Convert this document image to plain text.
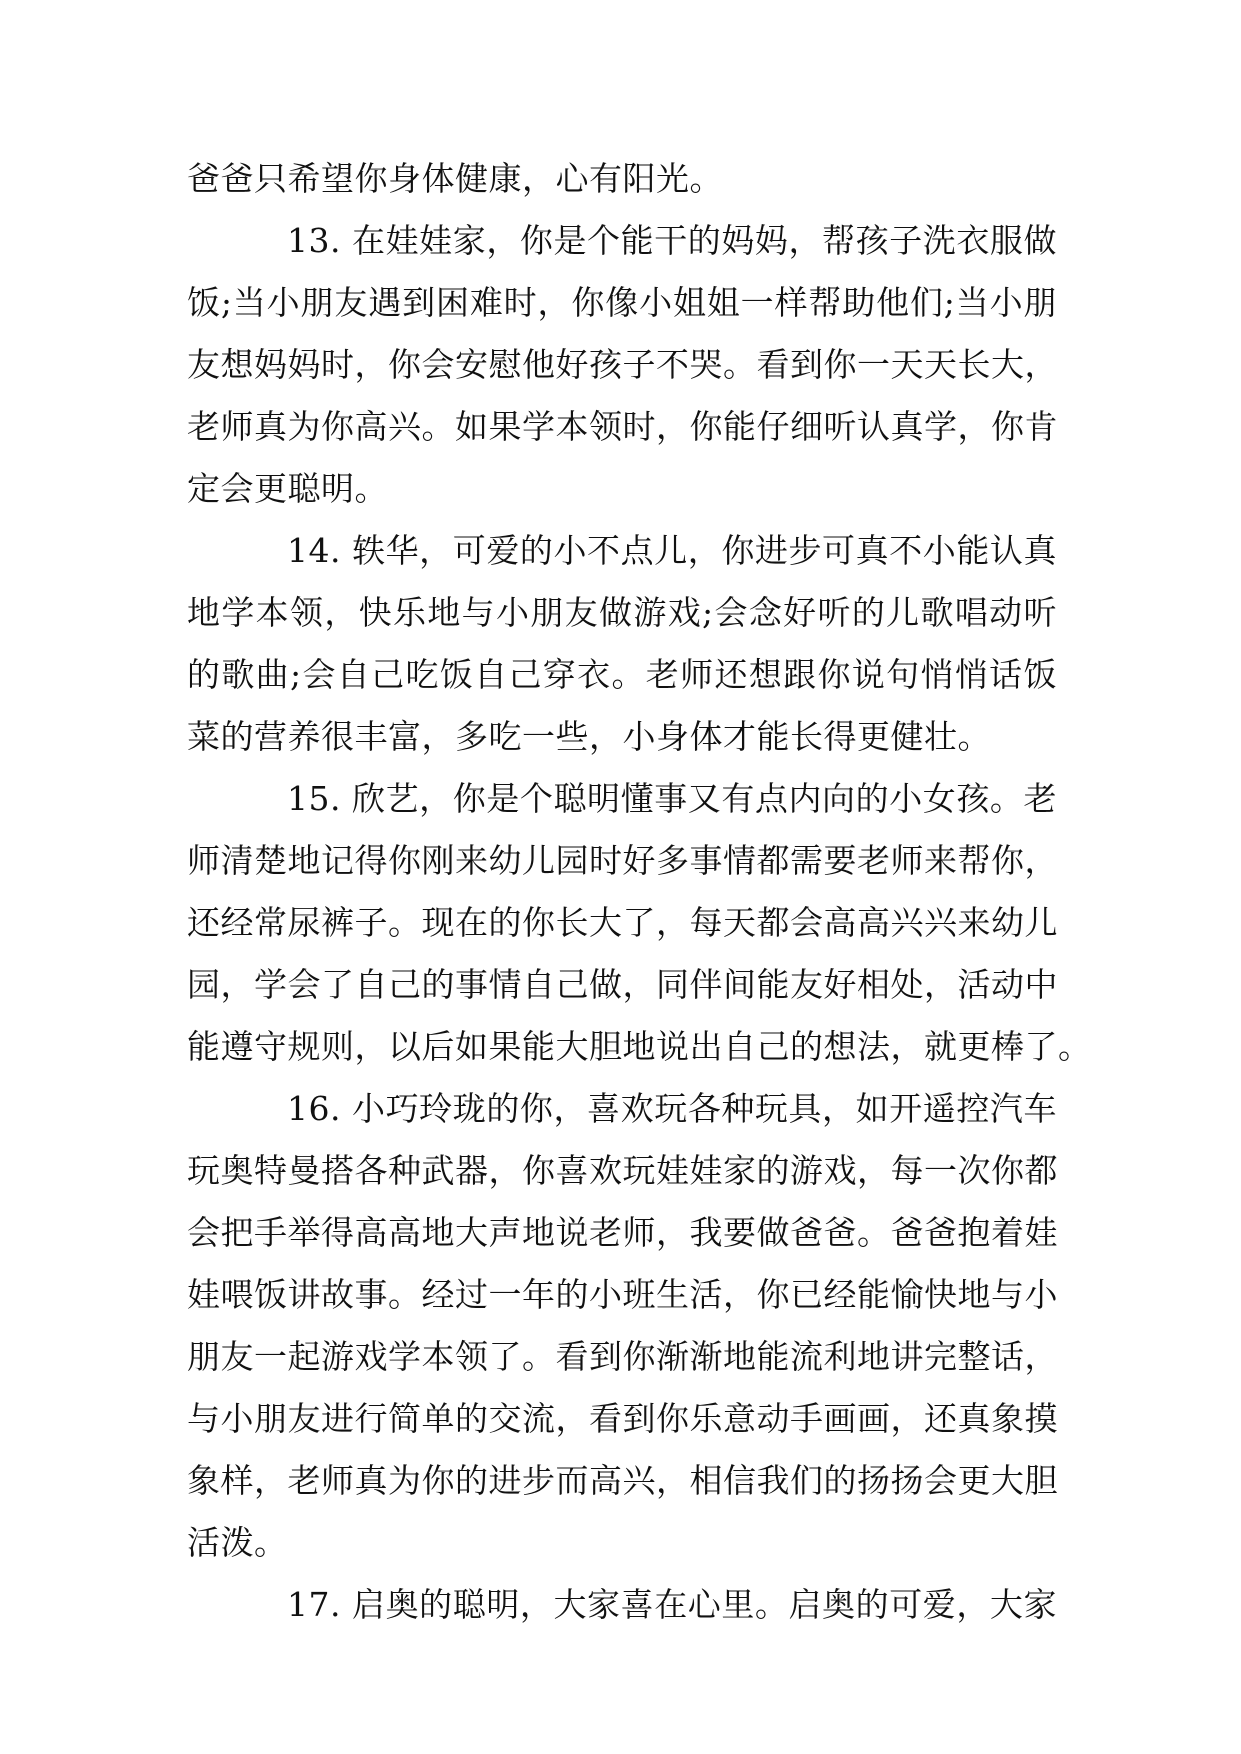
爸爸只希望你身体健康，心有阳光。
13. 在娃娃家，你是个能干的妈妈，帮孩子洗衣服做
饭;当小朋友遇到困难时，你像小姐姐一样帮助他们;当小朋
友想妈妈时，你会安慰他好孩子不哭。看到你一天天长大，
老师真为你高兴。如果学本领时，你能仔细听认真学，你肯
定会更聪明。
14. 轶华，可爱的小不点儿，你进步可真不小能认真
地学本领，快乐地与小朋友做游戏;会念好听的儿歌唱动听
的歌曲;会自己吃饭自己穿衣。老师还想跟你说句悄悄话饭
菜的营养很丰富，多吃一些，小身体才能长得更健壮。
15. 欣艺，你是个聪明懂事又有点内向的小女孩。老
师清楚地记得你刚来幼儿园时好多事情都需要老师来帮你，
还经常尿裤子。现在的你长大了，每天都会高高兴兴来幼儿
园，学会了自己的事情自己做，同伴间能友好相处，活动中
能遵守规则，以后如果能大胆地说出自己的想法，就更棒了。
16. 小巧玲珑的你，喜欢玩各种玩具，如开遥控汽车
玩奥特曼搭各种武器，你喜欢玩娃娃家的游戏，每一次你都
会把手举得高高地大声地说老师，我要做爸爸。爸爸抱着娃
娃喂饭讲故事。经过一年的小班生活，你已经能愉快地与小
朋友一起游戏学本领了。看到你渐渐地能流利地讲完整话，
与小朋友进行简单的交流，看到你乐意动手画画，还真象摸
象样，老师真为你的进步而高兴，相信我们的扬扬会更大胆
活泼。
17. 启奥的聪明，大家喜在心里。启奥的可爱，大家
